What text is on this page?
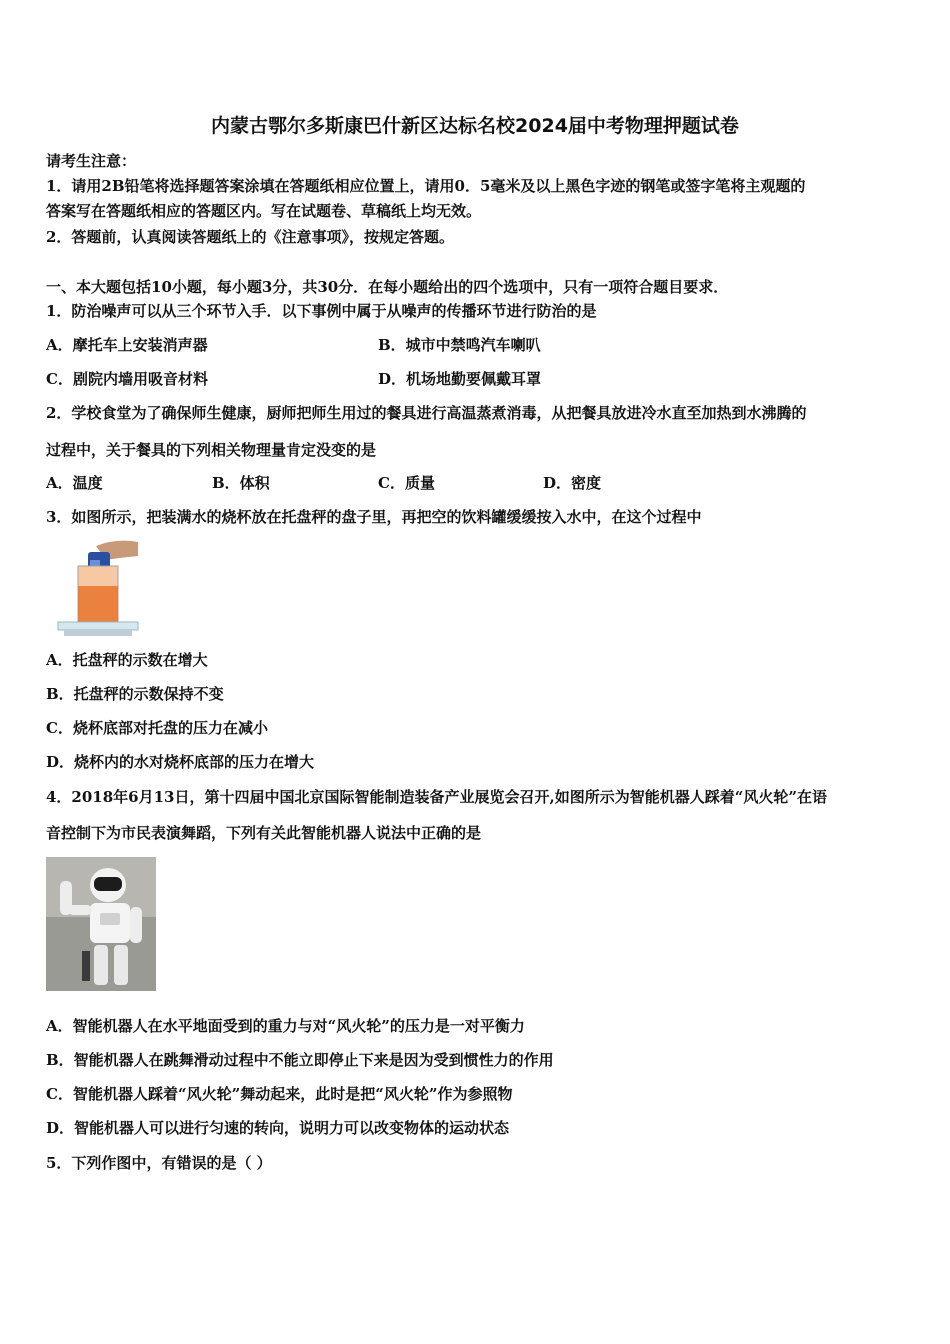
内蒙古鄂尔多斯康巴什新区达标名校2024届中考物理押题试卷
请考生注意：
1．请用2B铅笔将选择题答案涂填在答题纸相应位置上，请用0．5毫米及以上黑色字迹的钢笔或签字笔将主观题的
答案写在答题纸相应的答题区内。写在试题卷、草稿纸上均无效。
2．答题前，认真阅读答题纸上的《注意事项》，按规定答题。
一、本大题包括10小题，每小题3分，共30分．在每小题给出的四个选项中，只有一项符合题目要求．
1．防治噪声可以从三个环节入手．以下事例中属于从噪声的传播环节进行防治的是
A．摩托车上安装消声器	B．城市中禁鸣汽车喇叭
C．剧院内墙用吸音材料	D．机场地勤要佩戴耳罩
2．学校食堂为了确保师生健康，厨师把师生用过的餐具进行高温蒸煮消毒，从把餐具放进冷水直至加热到水沸腾的
过程中，关于餐具的下列相关物理量肯定没变的是
A．温度	B．体积	C．质量	D．密度
3．如图所示，把装满水的烧杯放在托盘秤的盘子里，再把空的饮料罐缓缓按入水中，在这个过程中
A．托盘秤的示数在增大
B．托盘秤的示数保持不变
C．烧杯底部对托盘的压力在减小
D．烧杯内的水对烧杯底部的压力在增大
4．2018年6月13日，第十四届中国北京国际智能制造装备产业展览会召开,如图所示为智能机器人踩着“风火轮”在语
音控制下为市民表演舞蹈，下列有关此智能机器人说法中正确的是
A．智能机器人在水平地面受到的重力与对“风火轮”的压力是一对平衡力
B．智能机器人在跳舞滑动过程中不能立即停止下来是因为受到惯性力的作用
C．智能机器人踩着“风火轮”舞动起来，此时是把“风火轮”作为参照物
D．智能机器人可以进行匀速的转向，说明力可以改变物体的运动状态
5．下列作图中，有错误的是（ ）
